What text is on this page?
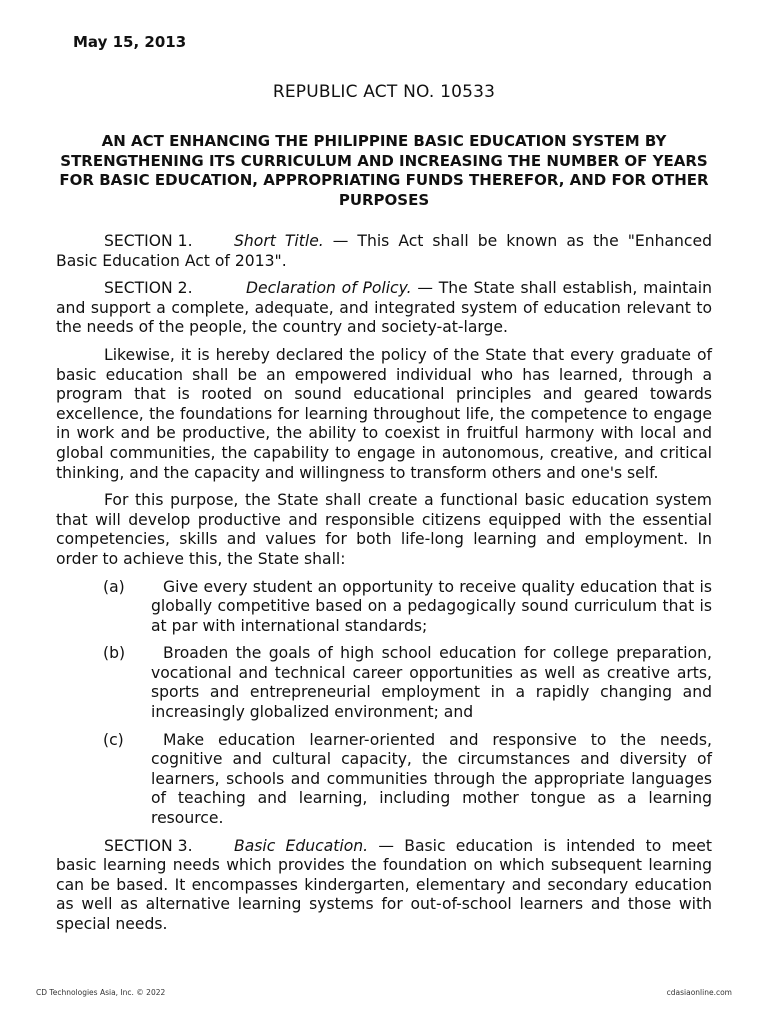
May 15, 2013
REPUBLIC ACT NO. 10533
AN ACT ENHANCING THE PHILIPPINE BASIC EDUCATION SYSTEM BY STRENGTHENING ITS CURRICULUM AND INCREASING THE NUMBER OF YEARS FOR BASIC EDUCATION, APPROPRIATING FUNDS THEREFOR, AND FOR OTHER PURPOSES

SECTION 1.	Short Title. — This Act shall be known as the "Enhanced Basic Education Act of 2013".

SECTION 2.	Declaration of Policy. — The State shall establish, maintain and support a complete, adequate, and integrated system of education relevant to the needs of the people, the country and society-at-large.

Likewise, it is hereby declared the policy of the State that every graduate of basic education shall be an empowered individual who has learned, through a program that is rooted on sound educational principles and geared towards excellence, the foundations for learning throughout life, the competence to engage in work and be productive, the ability to coexist in fruitful harmony with local and global communities, the capability to engage in autonomous, creative, and critical thinking, and the capacity and willingness to transform others and one's self.

For this purpose, the State shall create a functional basic education system that will develop productive and responsible citizens equipped with the essential competencies, skills and values for both life-long learning and employment. In order to achieve this, the State shall:

(a)	Give every student an opportunity to receive quality education that is globally competitive based on a pedagogically sound curriculum that is at par with international standards;
(b)	Broaden the goals of high school education for college preparation, vocational and technical career opportunities as well as creative arts, sports and entrepreneurial employment in a rapidly changing and increasingly globalized environment; and
(c)	Make education learner-oriented and responsive to the needs, cognitive and cultural capacity, the circumstances and diversity of learners, schools and communities through the appropriate languages of teaching and learning, including mother tongue as a learning resource.

SECTION 3.	Basic Education. — Basic education is intended to meet basic learning needs which provides the foundation on which subsequent learning can be based. It encompasses kindergarten, elementary and secondary education as well as alternative learning systems for out-of-school learners and those with special needs.

CD Technologies Asia, Inc. © 2022	cdasiaonline.com
